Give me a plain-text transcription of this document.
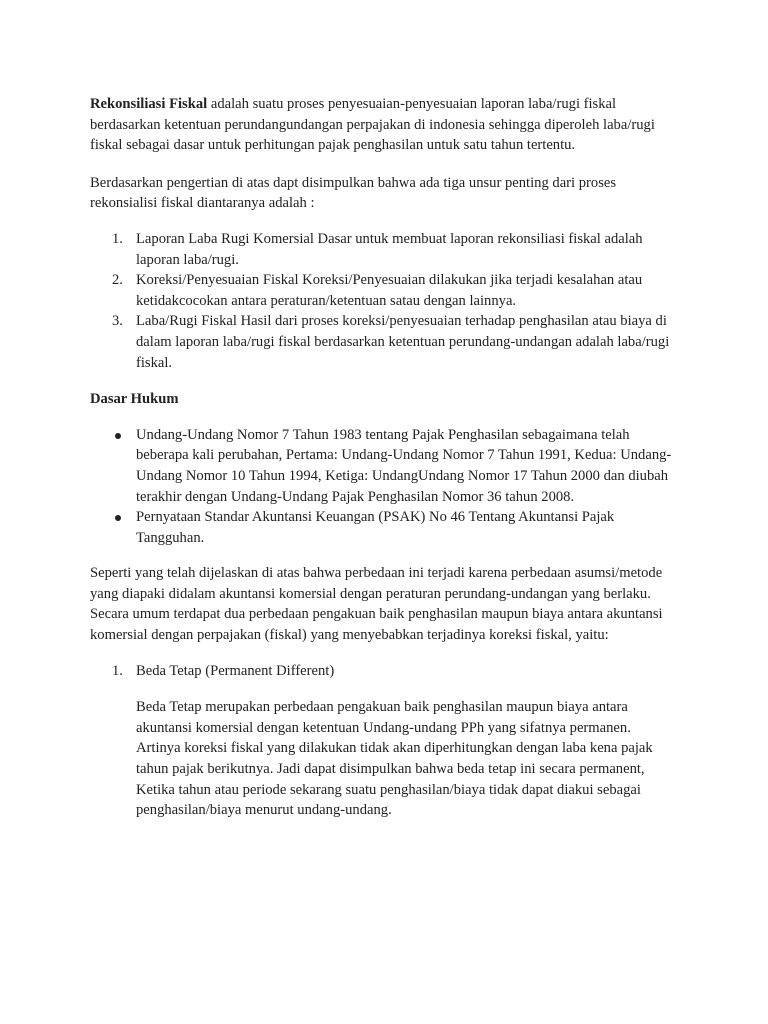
Rekonsiliasi Fiskal adalah suatu proses penyesuaian-penyesuaian laporan laba/rugi fiskal berdasarkan ketentuan perundangundangan perpajakan di indonesia sehingga diperoleh laba/rugi fiskal sebagai dasar untuk perhitungan pajak penghasilan untuk satu tahun tertentu.

Berdasarkan pengertian di atas dapt disimpulkan bahwa ada tiga unsur penting dari proses rekonsialisi fiskal diantaranya adalah :

1. Laporan Laba Rugi Komersial Dasar untuk membuat laporan rekonsiliasi fiskal adalah laporan laba/rugi.
2. Koreksi/Penyesuaian Fiskal Koreksi/Penyesuaian dilakukan jika terjadi kesalahan atau ketidakcocokan antara peraturan/ketentuan satau dengan lainnya.
3. Laba/Rugi Fiskal Hasil dari proses koreksi/penyesuaian terhadap penghasilan atau biaya di dalam laporan laba/rugi fiskal berdasarkan ketentuan perundang-undangan adalah laba/rugi fiskal.

Dasar Hukum

Undang-Undang Nomor 7 Tahun 1983 tentang Pajak Penghasilan sebagaimana telah beberapa kali perubahan, Pertama: Undang-Undang Nomor 7 Tahun 1991, Kedua: Undang-Undang Nomor 10 Tahun 1994, Ketiga: UndangUndang Nomor 17 Tahun 2000 dan diubah terakhir dengan Undang-Undang Pajak Penghasilan Nomor 36 tahun 2008.
Pernyataan Standar Akuntansi Keuangan (PSAK) No 46 Tentang Akuntansi Pajak Tangguhan.

Seperti yang telah dijelaskan di atas bahwa perbedaan ini terjadi karena perbedaan asumsi/metode yang diapaki didalam akuntansi komersial dengan peraturan perundang-undangan yang berlaku. Secara umum terdapat dua perbedaan pengakuan baik penghasilan maupun biaya antara akuntansi komersial dengan perpajakan (fiskal) yang menyebabkan terjadinya koreksi fiskal, yaitu:

1. Beda Tetap (Permanent Different)

Beda Tetap merupakan perbedaan pengakuan baik penghasilan maupun biaya antara akuntansi komersial dengan ketentuan Undang-undang PPh yang sifatnya permanen.

Artinya koreksi fiskal yang dilakukan tidak akan diperhitungkan dengan laba kena pajak tahun pajak berikutnya. Jadi dapat disimpulkan bahwa beda tetap ini secara permanent, Ketika tahun atau periode sekarang suatu penghasilan/biaya tidak dapat diakui sebagai penghasilan/biaya menurut undang-undang.
